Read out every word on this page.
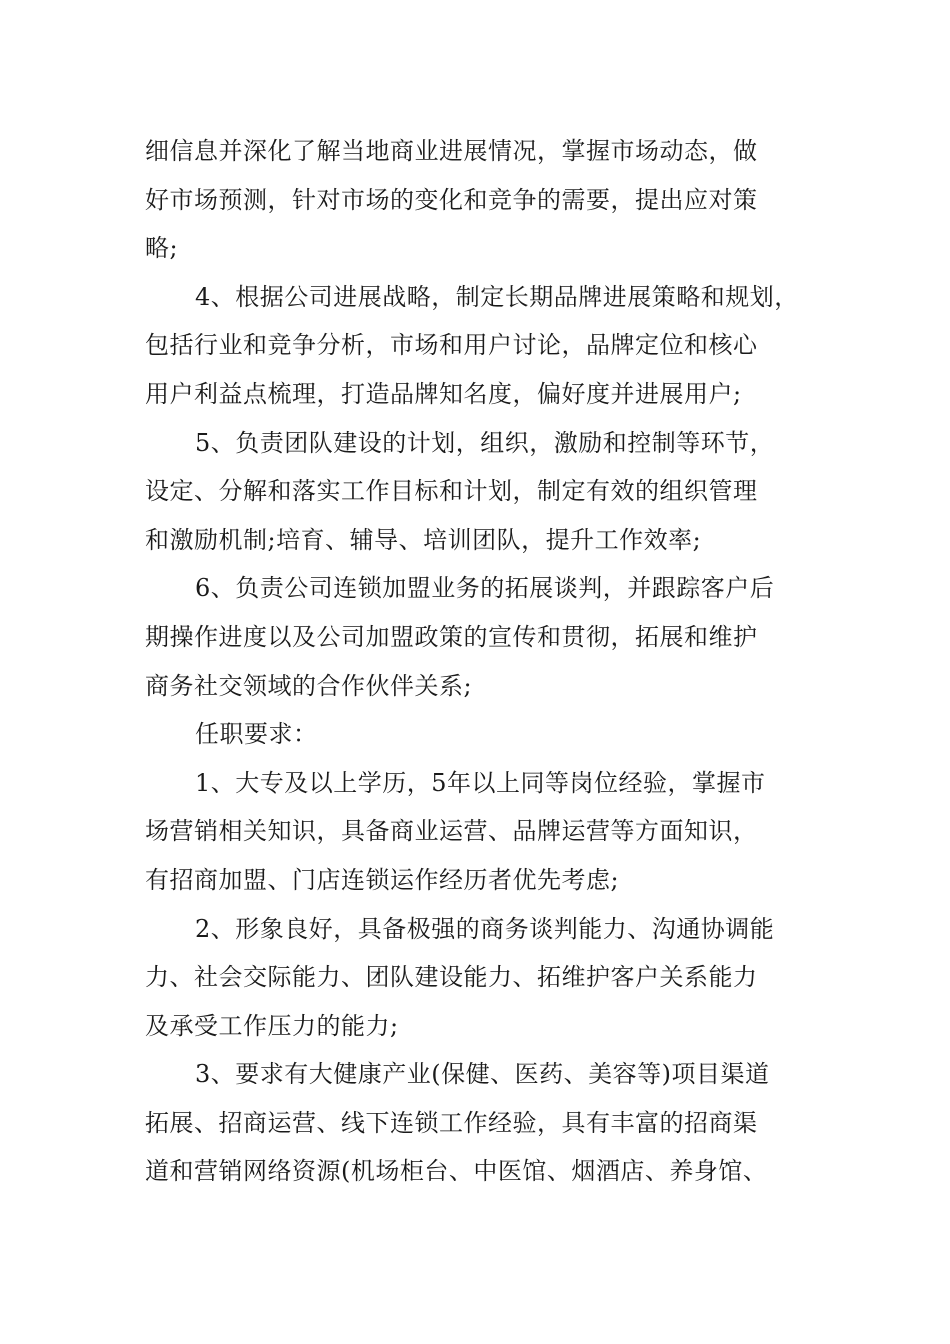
细信息并深化了解当地商业进展情况，掌握市场动态，做
好市场预测，针对市场的变化和竞争的需要，提出应对策
略;
4、根据公司进展战略，制定长期品牌进展策略和规划，
包括行业和竞争分析，市场和用户讨论，品牌定位和核心
用户利益点梳理，打造品牌知名度，偏好度并进展用户;
5、负责团队建设的计划，组织，激励和控制等环节，
设定、分解和落实工作目标和计划，制定有效的组织管理
和激励机制;培育、辅导、培训团队，提升工作效率;
6、负责公司连锁加盟业务的拓展谈判，并跟踪客户后
期操作进度以及公司加盟政策的宣传和贯彻，拓展和维护
商务社交领域的合作伙伴关系;
任职要求：
1、大专及以上学历，5年以上同等岗位经验，掌握市
场营销相关知识，具备商业运营、品牌运营等方面知识，
有招商加盟、门店连锁运作经历者优先考虑;
2、形象良好，具备极强的商务谈判能力、沟通协调能
力、社会交际能力、团队建设能力、拓维护客户关系能力
及承受工作压力的能力;
3、要求有大健康产业(保健、医药、美容等)项目渠道
拓展、招商运营、线下连锁工作经验，具有丰富的招商渠
道和营销网络资源(机场柜台、中医馆、烟酒店、养身馆、
